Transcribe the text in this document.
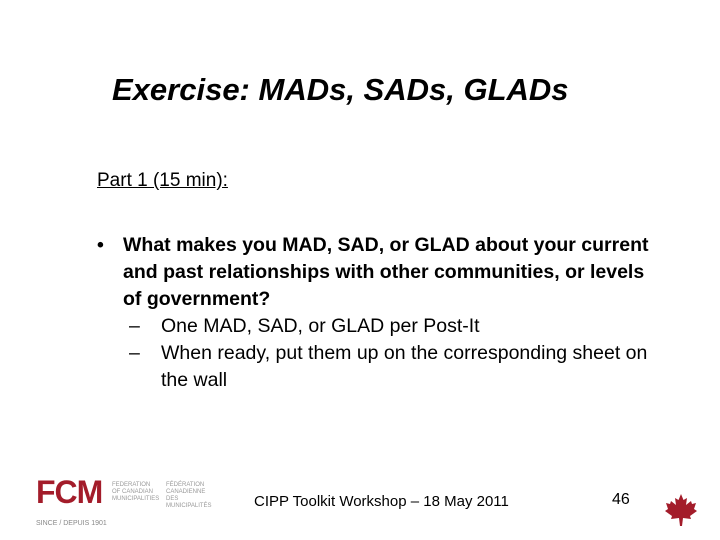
Exercise: MADs, SADs, GLADs
Part 1 (15 min):
• What makes you MAD, SAD, or GLAD about your current and past relationships with other communities, or levels of government?
– One MAD, SAD, or GLAD per Post-It
– When ready, put them up on the corresponding sheet on the wall
FCM FEDERATION
OF CANADIAN
MUNICIPALITIES
FÉDÉRATION
CANADIENNE DES
MUNICIPALITÉS
SINCE / DEPUIS 1901
CIPP Toolkit Workshop – 18 May 2011	46
